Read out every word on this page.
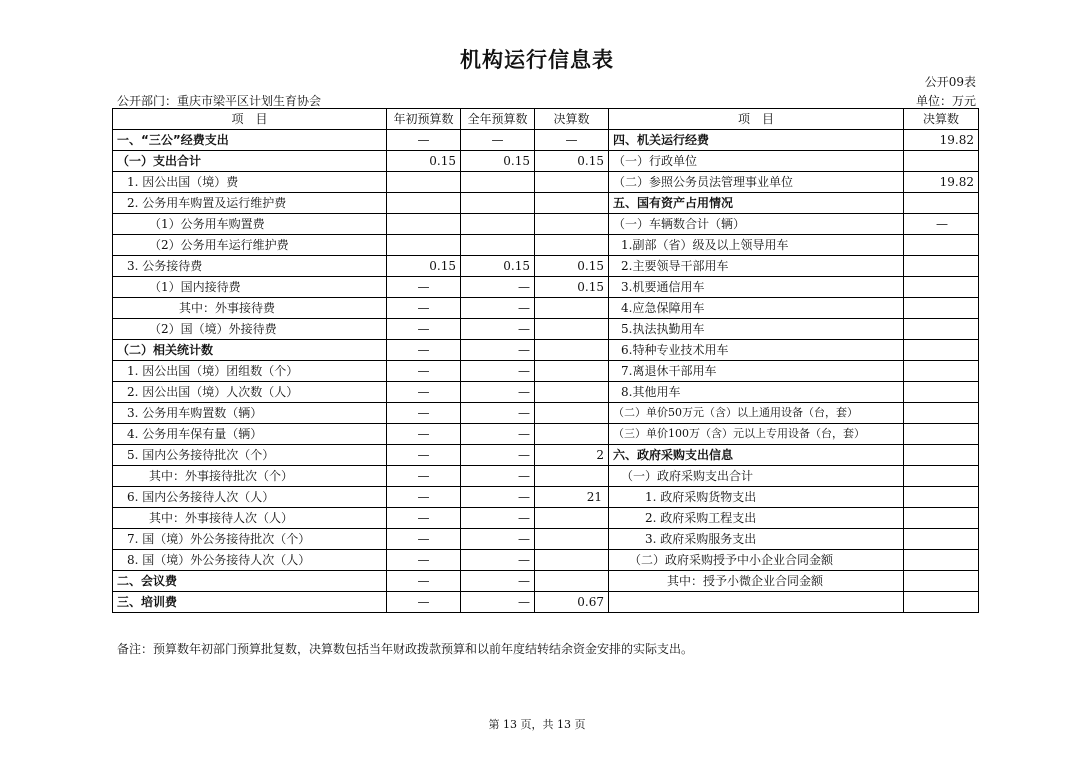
机构运行信息表
公开09表
公开部门：重庆市梁平区计划生育协会	单位：万元
项　目	年初预算数	全年预算数	决算数	项　目	决算数
一、“三公”经费支出	—	—	—	四、机关运行经费	19.82
（一）支出合计	0.15	0.15	0.15	（一）行政单位	
1. 因公出国（境）费				（二）参照公务员法管理事业单位	19.82
2. 公务用车购置及运行维护费				五、国有资产占用情况	
（1）公务用车购置费				（一）车辆数合计（辆）	—
（2）公务用车运行维护费				1.副部（省）级及以上领导用车	
3. 公务接待费	0.15	0.15	0.15	2.主要领导干部用车	
（1）国内接待费	—	—	0.15	3.机要通信用车	
其中：外事接待费	—	—		4.应急保障用车	
（2）国（境）外接待费	—	—		5.执法执勤用车	
（二）相关统计数	—	—		6.特种专业技术用车	
1. 因公出国（境）团组数（个）	—	—		7.离退休干部用车	
2. 因公出国（境）人次数（人）	—	—		8.其他用车	
3. 公务用车购置数（辆）	—	—		（二）单价50万元（含）以上通用设备（台，套）	
4. 公务用车保有量（辆）	—	—		（三）单价100万（含）元以上专用设备（台，套）	
5. 国内公务接待批次（个）	—	—	2	六、政府采购支出信息	
其中：外事接待批次（个）	—	—		（一）政府采购支出合计	
6. 国内公务接待人次（人）	—	—	21	1. 政府采购货物支出	
其中：外事接待人次（人）	—	—		2. 政府采购工程支出	
7. 国（境）外公务接待批次（个）	—	—		3. 政府采购服务支出	
8. 国（境）外公务接待人次（人）	—	—		（二）政府采购授予中小企业合同金额	
二、会议费	—	—		其中：授予小微企业合同金额	
三、培训费	—	—	0.67		
备注：预算数年初部门预算批复数，决算数包括当年财政拨款预算和以前年度结转结余资金安排的实际支出。
第 13 页，共 13 页
